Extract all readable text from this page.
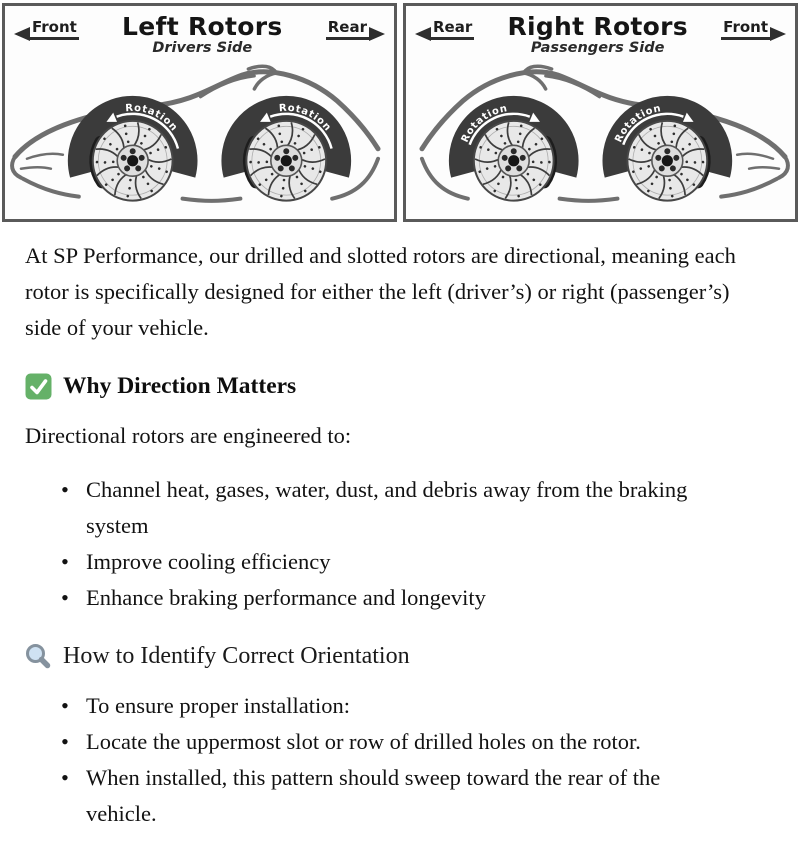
Front Left Rotors
Drivers Side
Rear
Rotation
Rotation
Rear Right Rotors
Passengers Side
Front
Rotation
Rotation

At SP Performance, our drilled and slotted rotors are directional, meaning each rotor is specifically designed for either the left (driver’s) or right (passenger’s) side of your vehicle.

Why Direction Matters

Directional rotors are engineered to:

• Channel heat, gases, water, dust, and debris away from the braking system
• Improve cooling efficiency
• Enhance braking performance and longevity
How to Identify Correct Orientation
• To ensure proper installation:
• Locate the uppermost slot or row of drilled holes on the rotor.
• When installed, this pattern should sweep toward the rear of the vehicle.
